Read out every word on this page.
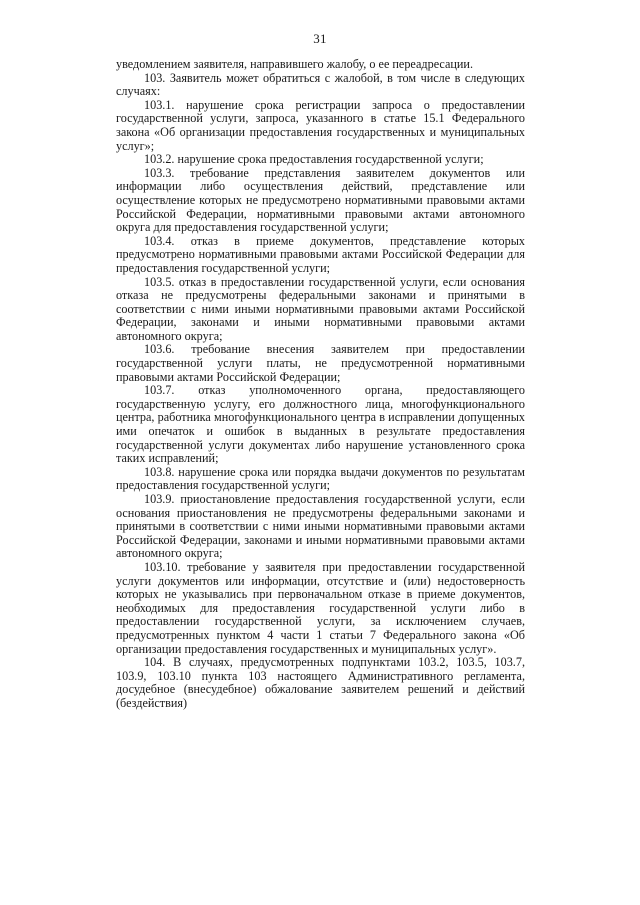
31

уведомлением заявителя, направившего жалобу, о ее переадресации.

103. Заявитель может обратиться с жалобой, в том числе в следующих случаях:

103.1. нарушение срока регистрации запроса о предоставлении государственной услуги, запроса, указанного в статье 15.1 Федерального закона «Об организации предоставления государственных и муниципальных услуг»;

103.2. нарушение срока предоставления государственной услуги;

103.3. требование представления заявителем документов или информации либо осуществления действий, представление или осуществление которых не предусмотрено нормативными правовыми актами Российской Федерации, нормативными правовыми актами автономного округа для предоставления государственной услуги;

103.4. отказ в приеме документов, представление которых предусмотрено нормативными правовыми актами Российской Федерации для предоставления государственной услуги;

103.5. отказ в предоставлении государственной услуги, если основания отказа не предусмотрены федеральными законами и принятыми в соответствии с ними иными нормативными правовыми актами Российской Федерации, законами и иными нормативными правовыми актами автономного округа;

103.6. требование внесения заявителем при предоставлении государственной услуги платы, не предусмотренной нормативными правовыми актами Российской Федерации;

103.7. отказ уполномоченного органа, предоставляющего государственную услугу, его должностного лица, многофункционального центра, работника многофункционального центра в исправлении допущенных ими опечаток и ошибок в выданных в результате предоставления государственной услуги документах либо нарушение установленного срока таких исправлений;

103.8. нарушение срока или порядка выдачи документов по результатам предоставления государственной услуги;

103.9. приостановление предоставления государственной услуги, если основания приостановления не предусмотрены федеральными законами и принятыми в соответствии с ними иными нормативными правовыми актами Российской Федерации, законами и иными нормативными правовыми актами автономного округа;

103.10. требование у заявителя при предоставлении государственной услуги документов или информации, отсутствие и (или) недостоверность которых не указывались при первоначальном отказе в приеме документов, необходимых для предоставления государственной услуги либо в предоставлении государственной услуги, за исключением случаев, предусмотренных пунктом 4 части 1 статьи 7 Федерального закона «Об организации предоставления государственных и муниципальных услуг».

104. В случаях, предусмотренных подпунктами 103.2, 103.5, 103.7, 103.9, 103.10 пункта 103 настоящего Административного регламента, досудебное (внесудебное) обжалование заявителем решений и действий (бездействия)
